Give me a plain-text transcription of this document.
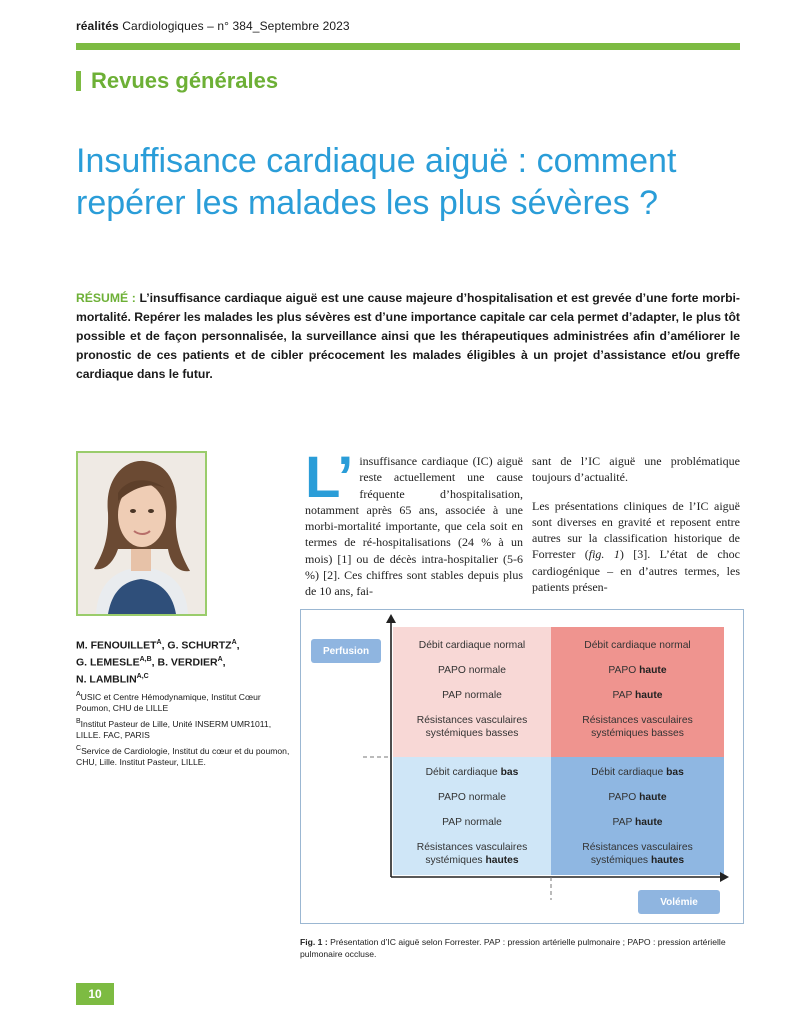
réalités Cardiologiques – n° 384_Septembre 2023
Revues générales
Insuffisance cardiaque aiguë : comment repérer les malades les plus sévères ?
RÉSUMÉ : L’insuffisance cardiaque aiguë est une cause majeure d’hospitalisation et est grevée d’une forte morbi-mortalité. Repérer les malades les plus sévères est d’une importance capitale car cela permet d’adapter, le plus tôt possible et de façon personnalisée, la surveillance ainsi que les thérapeutiques administrées afin d’améliorer le pronostic de ces patients et de cibler précocement les malades éligibles à un projet d’assistance et/ou greffe cardiaque dans le futur.
M. $FENOUILLET^A$, G. $SCHURTZ^A$,
G. $LEMESLE^{A,B}$, B. $VERDIER^A$,
N. $LAMBLIN^{A,C}$
$^A$USIC et Centre Hémodynamique, Institut Cœur Poumon, CHU de LILLE
$^B$Institut Pasteur de Lille, Unité INSERM UMR1011, LILLE. FAC, PARIS
$^C$Service de Cardiologie, Institut du cœur et du poumon, CHU, Lille. Institut Pasteur, LILLE.
L’ insuffisance cardiaque (IC) aiguë reste actuellement une cause fréquente d’hospitalisation, notamment après 65 ans, associée à une morbi-mortalité importante, que cela soit en termes de ré-hospitalisations (24 % à un mois) [1] ou de décès intra-hospitalier (5-6 %) [2]. Ces chiffres sont stables depuis plus de 10 ans, fai-

sant de l’IC aiguë une problématique toujours d’actualité.

Les présentations cliniques de l’IC aiguë sont diverses en gravité et reposent entre autres sur la classification historique de Forrester (fig. 1) [3]. L’état de choc cardiogénique – en d’autres termes, les patients présen-

Débit cardiaque normal
PAPO normale
PAP normale
Résistances vasculaires
systémiques basses
Débit cardiaque normal
PAPO haute
PAP haute
Résistances vasculaires
systémiques basses
Débit cardiaque bas
PAPO normale
PAP normale
Résistances vasculaires
systémiques hautes
Débit cardiaque bas
PAPO haute
PAP haute
Résistances vasculaires
systémiques hautes
Perfusion
Volémie
Fig. 1 : Présentation d’IC aiguë selon Forrester. PAP : pression artérielle pulmonaire ; PAPO : pression artérielle pulmonaire occluse.
10
